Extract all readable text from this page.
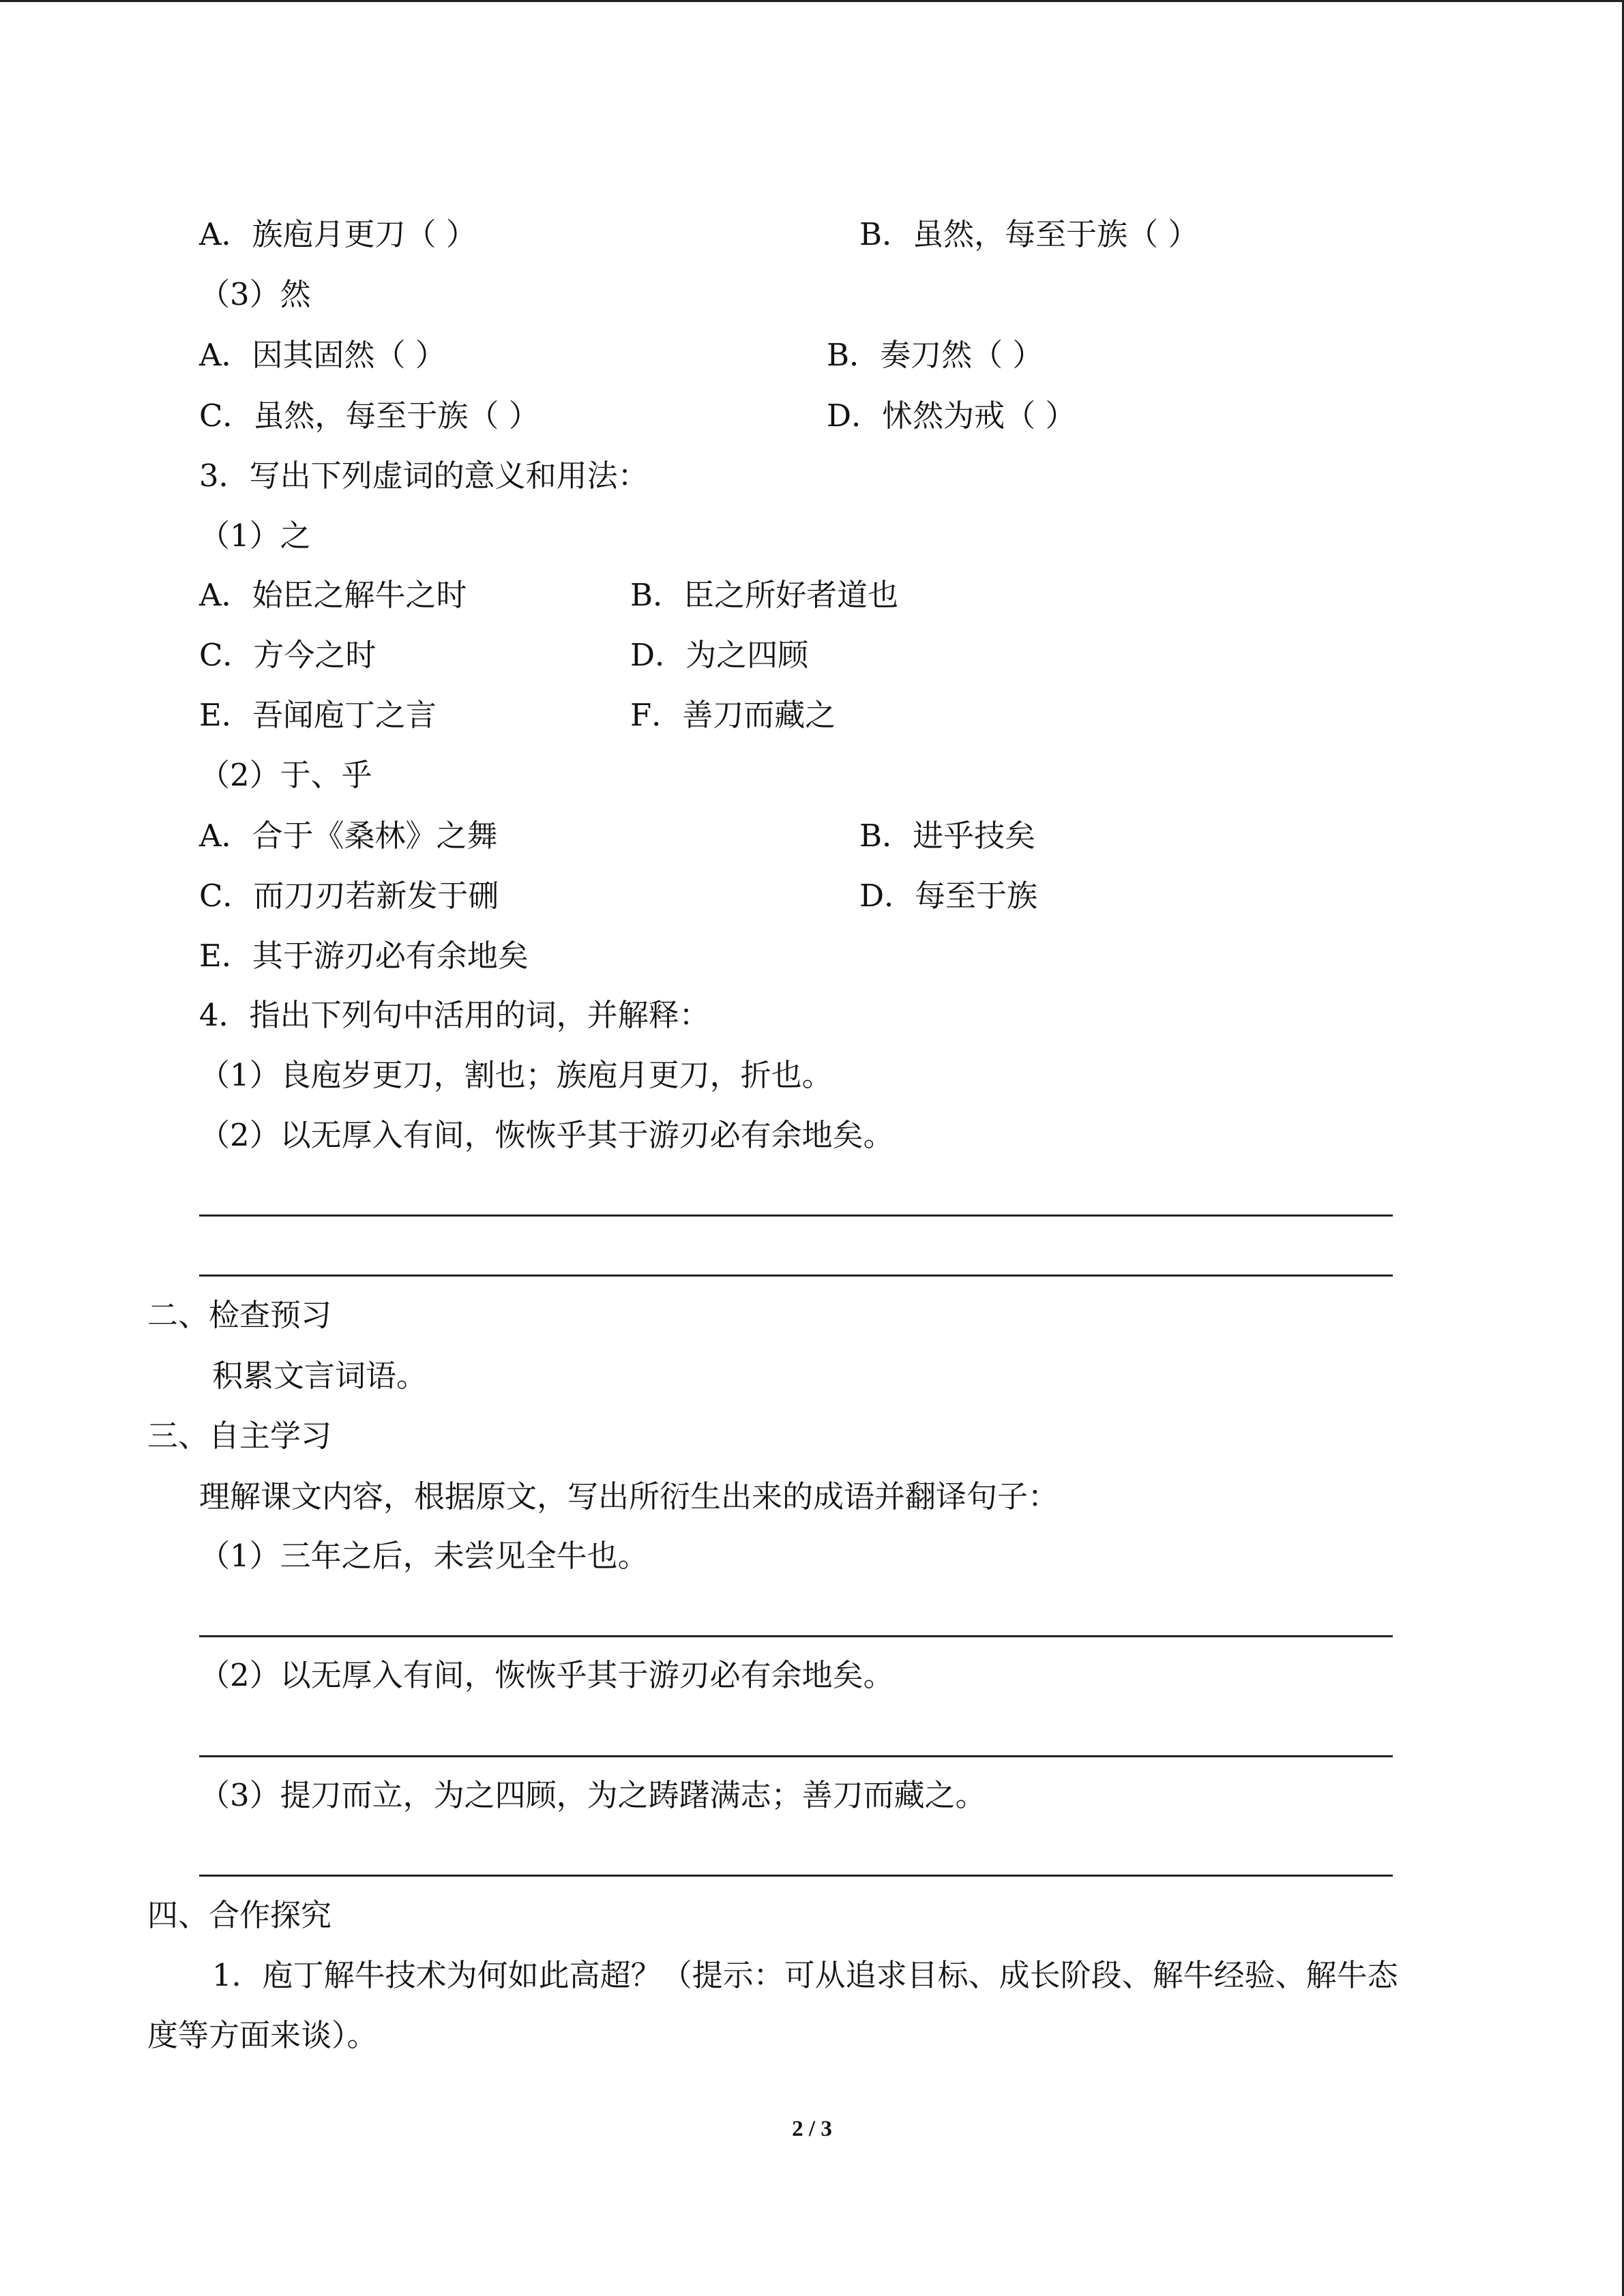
A．族庖月更刀（ ）	B．虽然，每至于族（ ）
（3）然
A．因其固然（ ）	B．奏刀然（ ）
C．虽然，每至于族（ ）	D．怵然为戒（ ）
3．写出下列虚词的意义和用法：
（1）之
A．始臣之解牛之时	B．臣之所好者道也
C．方今之时	D．为之四顾
E．吾闻庖丁之言	F．善刀而藏之
（2）于、乎
A．合于《桑林》之舞	B．进乎技矣
C．而刀刃若新发于硎	D．每至于族
E．其于游刃必有余地矣
4．指出下列句中活用的词，并解释：
（1）良庖岁更刀，割也；族庖月更刀，折也。
（2）以无厚入有间，恢恢乎其于游刃必有余地矣。
二、检查预习
积累文言词语。
三、自主学习
理解课文内容，根据原文，写出所衍生出来的成语并翻译句子：
（1）三年之后，未尝见全牛也。
（2）以无厚入有间，恢恢乎其于游刃必有余地矣。
（3）提刀而立，为之四顾，为之踌躇满志；善刀而藏之。
四、合作探究
1．庖丁解牛技术为何如此高超？（提示：可从追求目标、成长阶段、解牛经验、解牛态
度等方面来谈）。
2 / 3
